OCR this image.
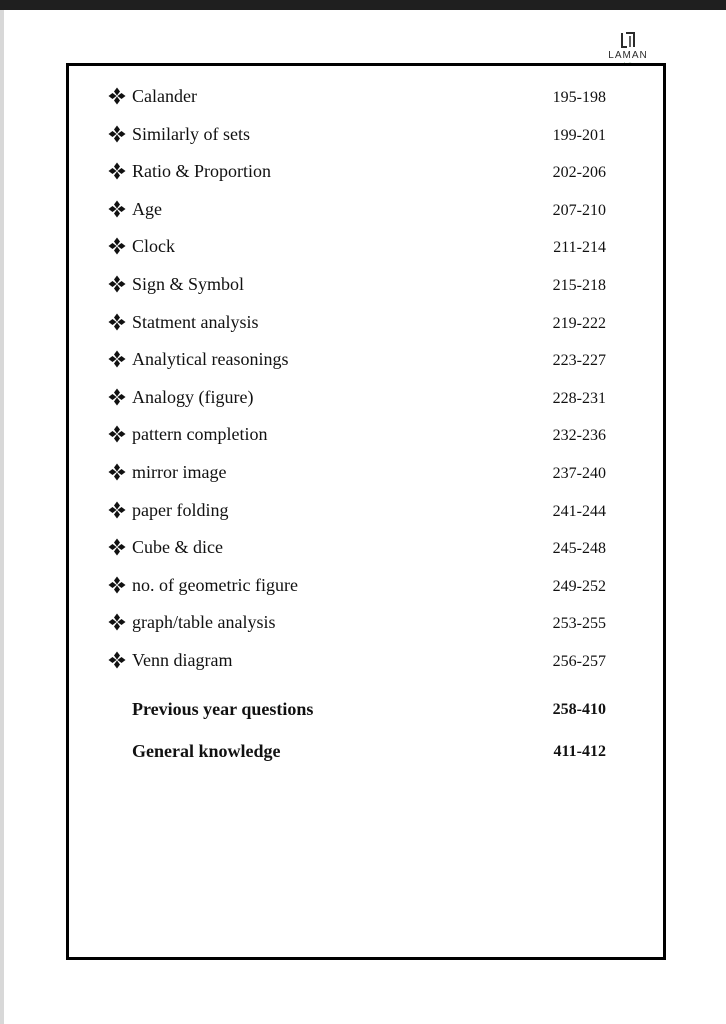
LAMAN
solution
Calander	195-198
Similarly of sets	199-201
Ratio & Proportion	202-206
Age	207-210
Clock	211-214
Sign & Symbol	215-218
Statment analysis	219-222
Analytical reasonings	223-227
Analogy (figure)	228-231
pattern completion	232-236
mirror image	237-240
paper folding	241-244
Cube & dice	245-248
no. of geometric figure	249-252
graph/table analysis	253-255
Venn diagram	256-257
Previous year questions	258-410
General knowledge	411-412
